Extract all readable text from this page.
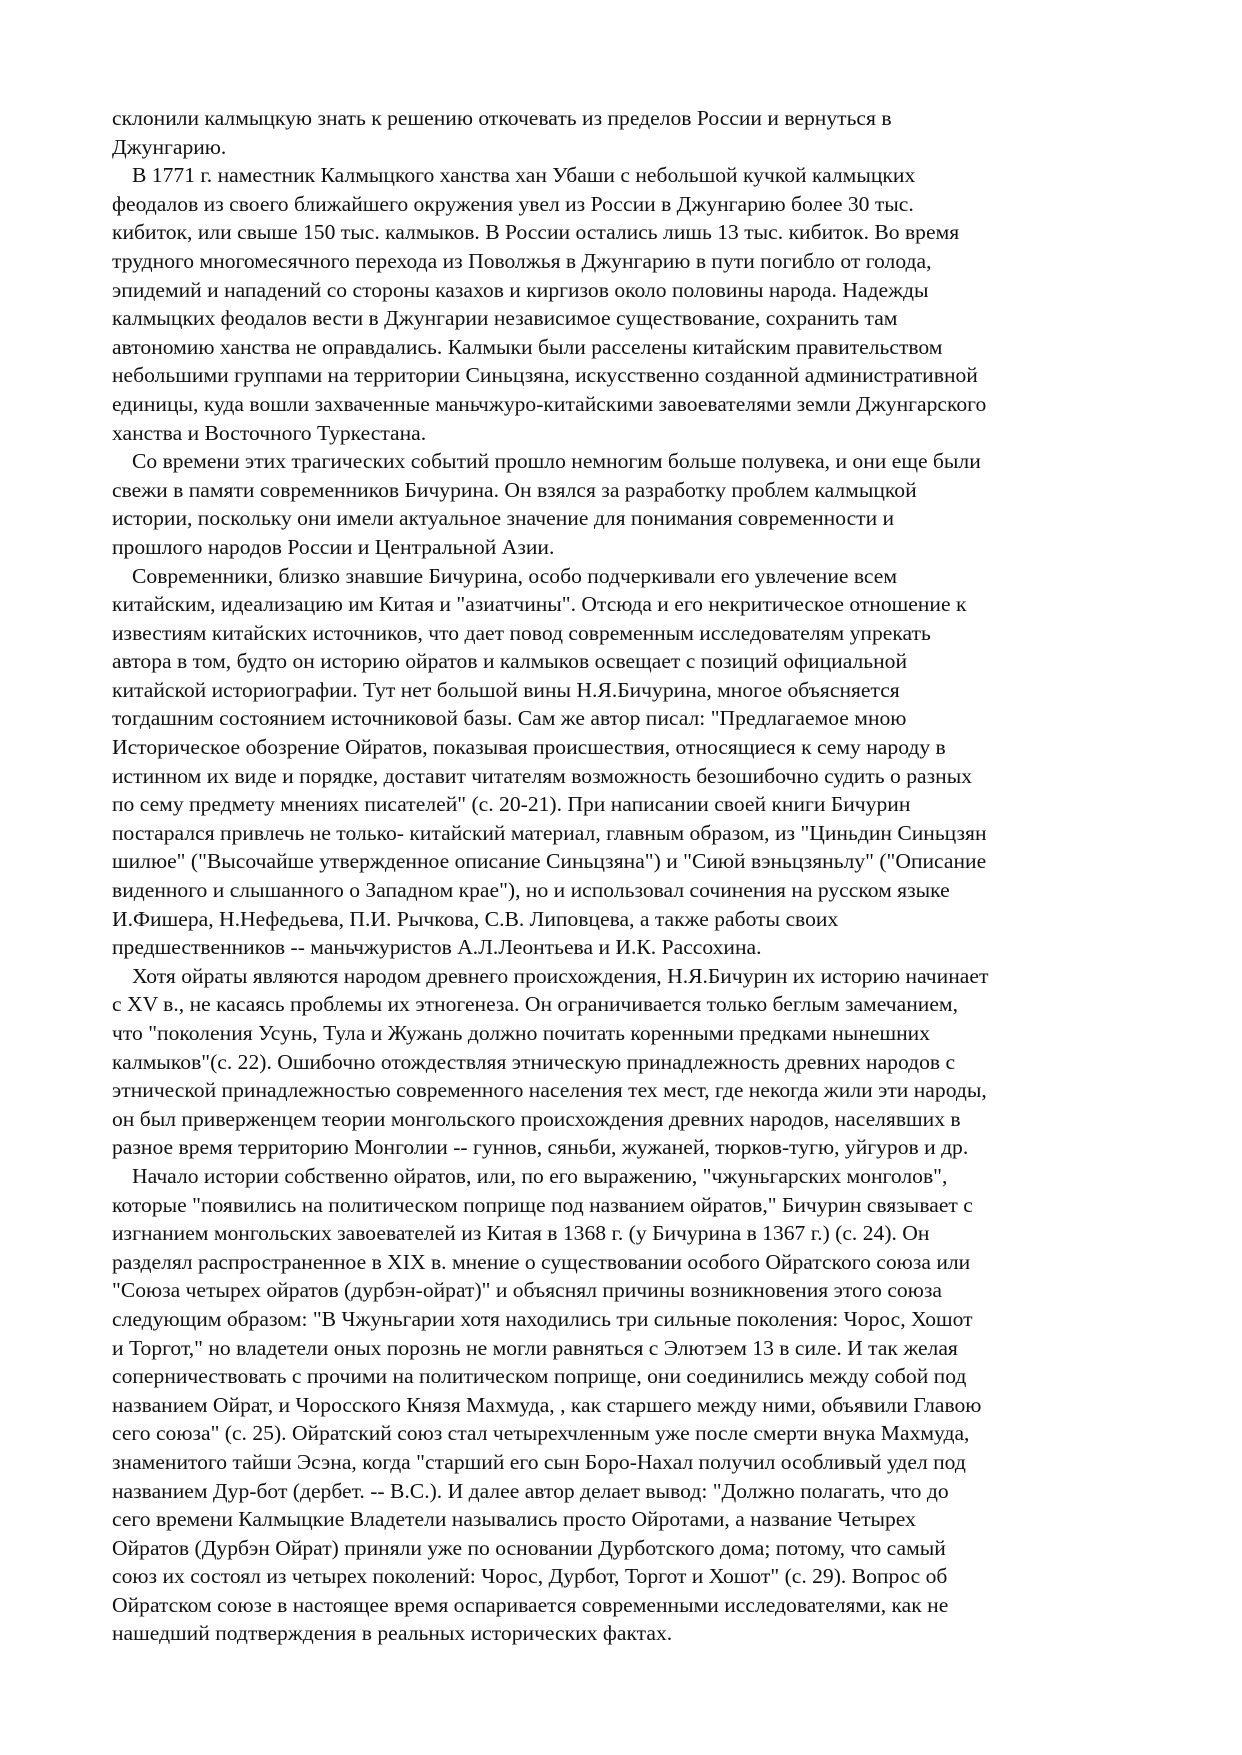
склонили калмыцкую знать к решению откочевать из пределов России и вернуться в
Джунгарию.

В 1771 г. наместник Калмыцкого ханства хан Убаши с небольшой кучкой калмыцких
феодалов из своего ближайшего окружения увел из России в Джунгарию более 30 тыс.
кибиток, или свыше 150 тыс. калмыков. В России остались лишь 13 тыс. кибиток. Во время
трудного многомесячного перехода из Поволжья в Джунгарию в пути погибло от голода,
эпидемий и нападений со стороны казахов и киргизов около половины народа. Надежды
калмыцких феодалов вести в Джунгарии независимое существование, сохранить там
автономию ханства не оправдались. Калмыки были расселены китайским правительством
небольшими группами на территории Синьцзяна, искусственно созданной административной
единицы, куда вошли захваченные маньчжуро-китайскими завоевателями земли Джунгарского
ханства и Восточного Туркестана.

Со времени этих трагических событий прошло немногим больше полувека, и они еще были
свежи в памяти современников Бичурина. Он взялся за разработку проблем калмыцкой
истории, поскольку они имели актуальное значение для понимания современности и
прошлого народов России и Центральной Азии.

Современники, близко знавшие Бичурина, особо подчеркивали его увлечение всем
китайским, идеализацию им Китая и "азиатчины". Отсюда и его некритическое отношение к
известиям китайских источников, что дает повод современным исследователям упрекать
автора в том, будто он историю ойратов и калмыков освещает с позиций официальной
китайской историографии. Тут нет большой вины Н.Я.Бичурина, многое объясняется
тогдашним состоянием источниковой базы. Сам же автор писал: "Предлагаемое мною
Историческое обозрение Ойратов, показывая происшествия, относящиеся к сему народу в
истинном их виде и порядке, доставит читателям возможность безошибочно судить о разных
по сему предмету мнениях писателей" (с. 20-21). При написании своей книги Бичурин
постарался привлечь не только- китайский материал, главным образом, из "Циньдин Синьцзян
шилюе" ("Высочайше утвержденное описание Синьцзяна") и "Сиюй вэньцзяньлу" ("Описание
виденного и слышанного о Западном крае"), но и использовал сочинения на русском языке
И.Фишера, Н.Нефедьева, П.И. Рычкова, С.В. Липовцева, а также работы своих
предшественников -- маньчжуристов А.Л.Леонтьева и И.К. Рассохина.

Хотя ойраты являются народом древнего происхождения, Н.Я.Бичурин их историю начинает
с XV в., не касаясь проблемы их этногенеза. Он ограничивается только беглым замечанием,
что "поколения Усунь, Тула и Жужань должно почитать коренными предками нынешних
калмыков"(с. 22). Ошибочно отождествляя этническую принадлежность древних народов с
этнической принадлежностью современного населения тех мест, где некогда жили эти народы,
он был приверженцем теории монгольского происхождения древних народов, населявших в
разное время территорию Монголии -- гуннов, сяньби, жужаней, тюрков-тугю, уйгуров и др.

Начало истории собственно ойратов, или, по его выражению, "чжуньгарских монголов",
которые "появились на политическом поприще под названием ойратов," Бичурин связывает с
изгнанием монгольских завоевателей из Китая в 1368 г. (у Бичурина в 1367 г.) (с. 24). Он
разделял распространенное в XIX в. мнение о существовании особого Ойратского союза или
"Союза четырех ойратов (дурбэн-ойрат)" и объяснял причины возникновения этого союза
следующим образом: "В Чжуньгарии хотя находились три сильные поколения: Чорос, Хошот
и Торгот," но владетели оных порознь не могли равняться с Элютэем 13 в силе. И так желая
соперничествовать с прочими на политическом поприще, они соединились между собой под
названием Ойрат, и Чоросского Князя Махмуда, , как старшего между ними, объявили Главою
сего союза" (с. 25). Ойратский союз стал четырехчленным уже после смерти внука Махмуда,
знаменитого тайши Эсэна, когда "старший его сын Боро-Нахал получил особливый удел под
названием Дур-бот (дербет. -- В.С.). И далее автор делает вывод: "Должно полагать, что до
сего времени Калмыцкие Владетели назывались просто Ойротами, а название Четырех
Ойратов (Дурбэн Ойрат) приняли уже по основании Дурботского дома; потому, что самый
союз их состоял из четырех поколений: Чорос, Дурбот, Торгот и Хошот" (с. 29). Вопрос об
Ойратском союзе в настоящее время оспаривается современными исследователями, как не
нашедший подтверждения в реальных исторических фактах.
